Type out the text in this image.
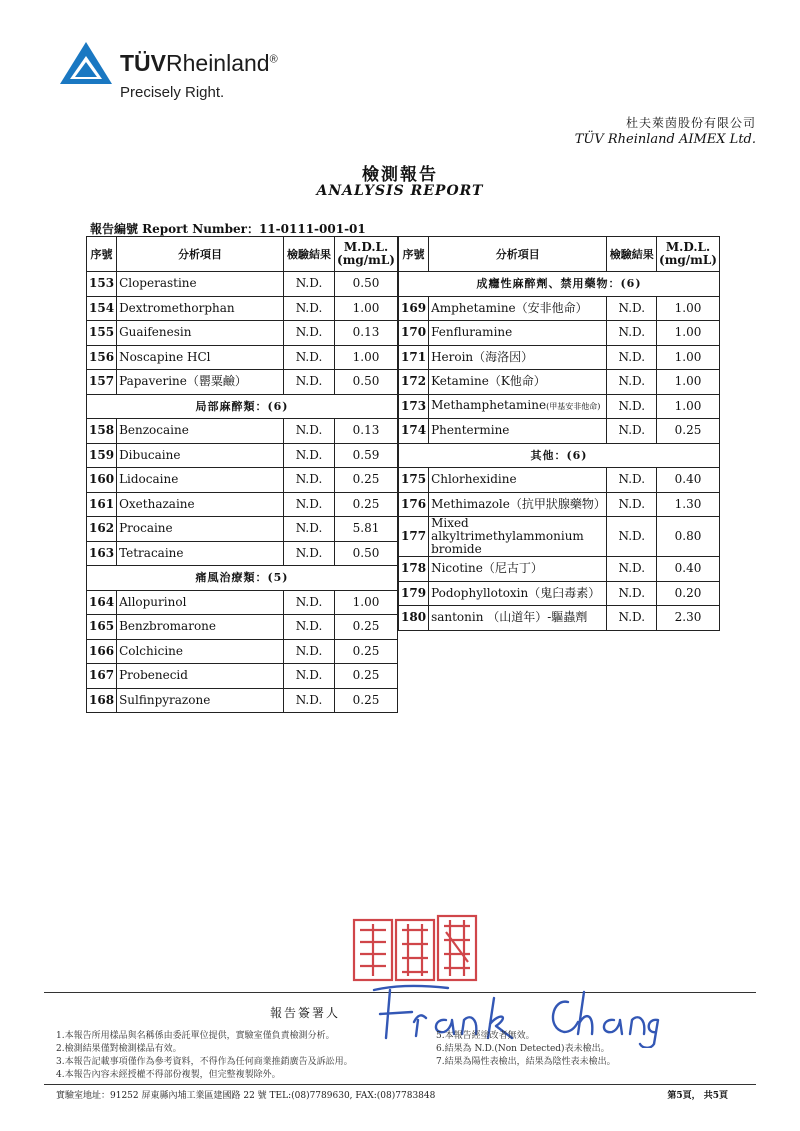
TÜVRheinland®
Precisely Right.
杜夫萊茵股份有限公司
TÜV Rheinland AIMEX Ltd.
檢測報告
ANALYSIS REPORT
報告編號 Report Number：11-0111-001-01
序號	分析項目	檢驗結果	M.D.L.
(mg/mL)

153	Cloperastine	N.D.	0.50
154	Dextromethorphan	N.D.	1.00
155	Guaifenesin	N.D.	0.13
156	Noscapine HCl	N.D.	1.00
157	Papaverine（罌粟鹼）	N.D.	0.50
局部麻醉類：(6)			
158	Benzocaine	N.D.	0.13
159	Dibucaine	N.D.	0.59
160	Lidocaine	N.D.	0.25
161	Oxethazaine	N.D.	0.25
162	Procaine	N.D.	5.81
163	Tetracaine	N.D.	0.50
痛風治療類：(5)			
164	Allopurinol	N.D.	1.00
165	Benzbromarone	N.D.	0.25
166	Colchicine	N.D.	0.25
167	Probenecid	N.D.	0.25
168	Sulfinpyrazone	N.D.	0.25
序號	分析項目	檢驗結果	M.D.L.
(mg/mL)

成癮性麻醉劑、禁用藥物：(6)			
169	Amphetamine（安非他命）	N.D.	1.00
170	Fenfluramine	N.D.	1.00
171	Heroin（海洛因）	N.D.	1.00
172	Ketamine（K他命）	N.D.	1.00
173	Methamphetamine(甲基安非他命)	N.D.	1.00
174	Phentermine	N.D.	0.25
其他：(6)			
175	Chlorhexidine	N.D.	0.40
176	Methimazole（抗甲狀腺藥物）	N.D.	1.30
177	Mixed alkyltrimethylammonium bromide	N.D.	0.80
178	Nicotine（尼古丁）	N.D.	0.40
179	Podophyllotoxin（鬼臼毒素）	N.D.	0.20
180	santonin （山道年）-驅蟲劑	N.D.	2.30
報告簽署人
1.本報告所用樣品與名稱係由委託單位提供，實驗室僅負責檢測分析。
2.檢測結果僅對檢測樣品有效。
3.本報告記載事項僅作為參考資料，不得作為任何商業推銷廣告及訴訟用。
4.本報告內容未經授權不得部份複製，但完整複製除外。
5.本報告經塗改者無效。
6.結果為 N.D.(Non Detected)表未檢出。
7.結果為陽性表檢出，結果為陰性表未檢出。
實驗室地址：91252 屏東縣內埔工業區建國路 22 號 TEL:(08)7789630, FAX:(08)7783848	第5頁， 共5頁
